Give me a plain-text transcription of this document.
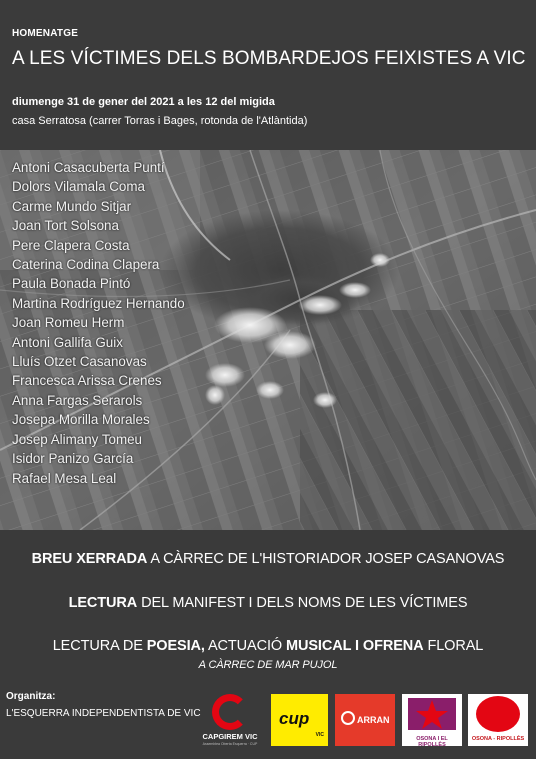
HOMENATGE
A LES VÍCTIMES DELS BOMBARDEJOS FEIXISTES A VIC
diumenge 31 de gener del 2021 a les 12 del migida
casa Serratosa (carrer Torras i Bages, rotonda de l'Atlàntida)
Antoni Casacuberta Puntí
Dolors Vilamala Coma
Carme Mundo Sitjar
Joan Tort Solsona
Pere Clapera Costa
Caterina Codina Clapera
Paula Bonada Pintó
Martina Rodríguez Hernando
Joan Romeu Herm
Antoni Gallifa Guix
Lluís Otzet Casanovas
Francesca Arissa Crenes
Anna Fargas Serarols
Josepa Morilla Morales
Josep Alimany Tomeu
Isidor Panizo García
Rafael Mesa Leal
BREU XERRADA A CÀRREC DE L'HISTORIADOR JOSEP CASANOVAS
LECTURA DEL MANIFEST I DELS NOMS DE LES VÍCTIMES
LECTURA DE POESIA, ACTUACIÓ MUSICAL I OFRENA FLORAL
A CÀRREC DE MAR PUJOL
Organitza:
L'ESQUERRA INDEPENDENTISTA DE VIC
CAPGIREM VIC
Assemblea Oberta Esquerra · CUP
cup
VIC
ARRAN
OSONA I EL RIPOLLÈS
OSONA - RIPOLLÈS
